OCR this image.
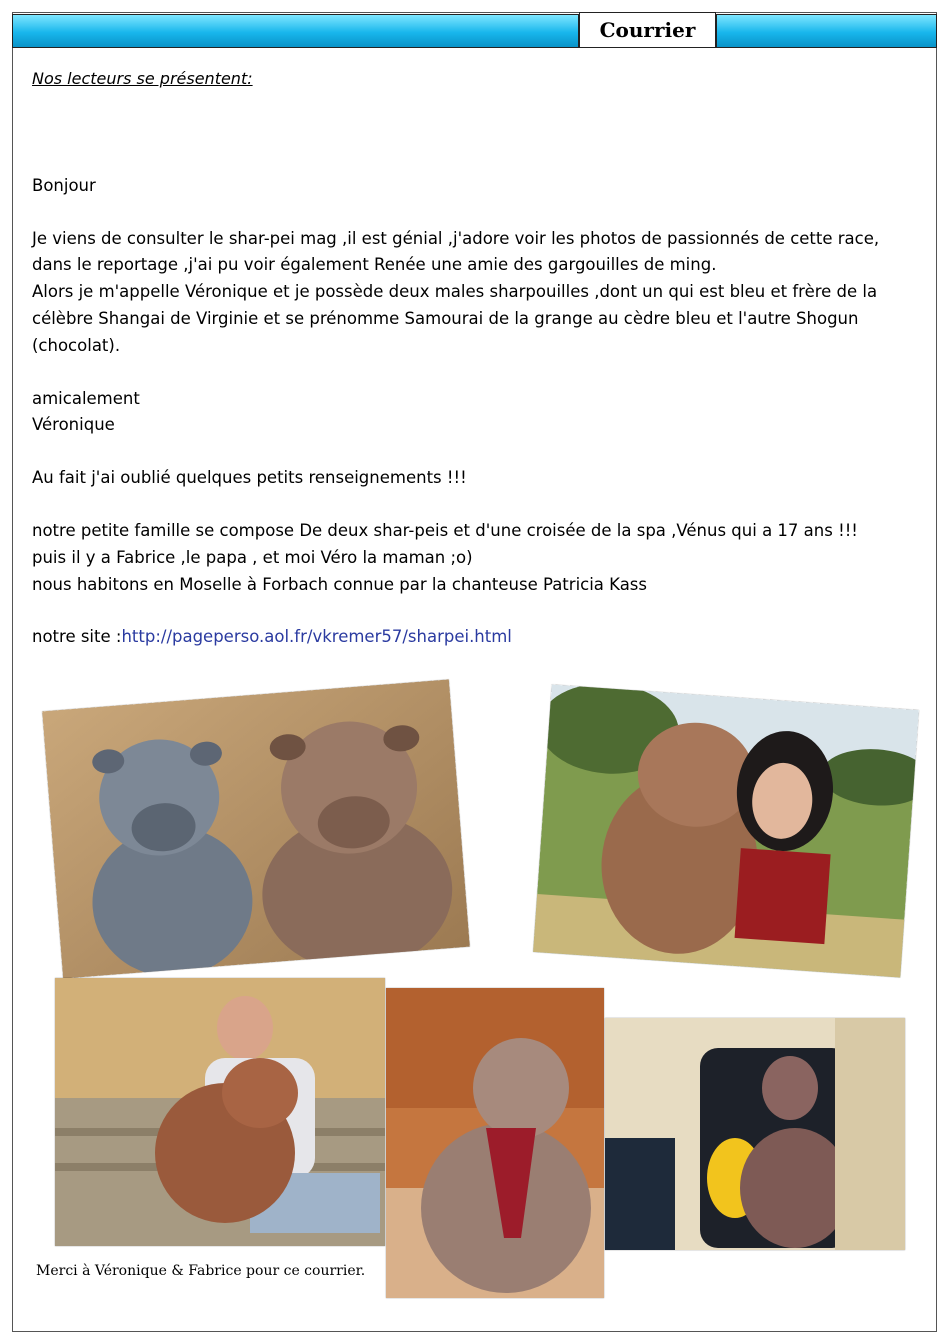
Courrier
Nos lecteurs se présentent:

Bonjour

Je viens de consulter le shar-pei mag ,il est génial ,j'adore voir les photos de passionnés de cette race, dans le reportage ,j'ai pu voir également Renée une amie des gargouilles de ming.

Alors je m'appelle Véronique et je possède deux males sharpouilles ,dont un qui est bleu et frère de la célèbre Shangai de Virginie et se prénomme Samourai de la grange au cèdre bleu et l'autre Shogun (chocolat).

amicalement

Véronique

Au fait j'ai oublié quelques petits renseignements !!!

notre petite famille se compose De deux shar-peis et d'une croisée de la spa ,Vénus qui a 17 ans !!!

puis il y a Fabrice ,le papa , et moi Véro la maman ;o)

nous habitons en Moselle à Forbach connue par la chanteuse Patricia Kass

notre site :http://pageperso.aol.fr/vkremer57/sharpei.html

Merci à Véronique & Fabrice pour ce courrier.
